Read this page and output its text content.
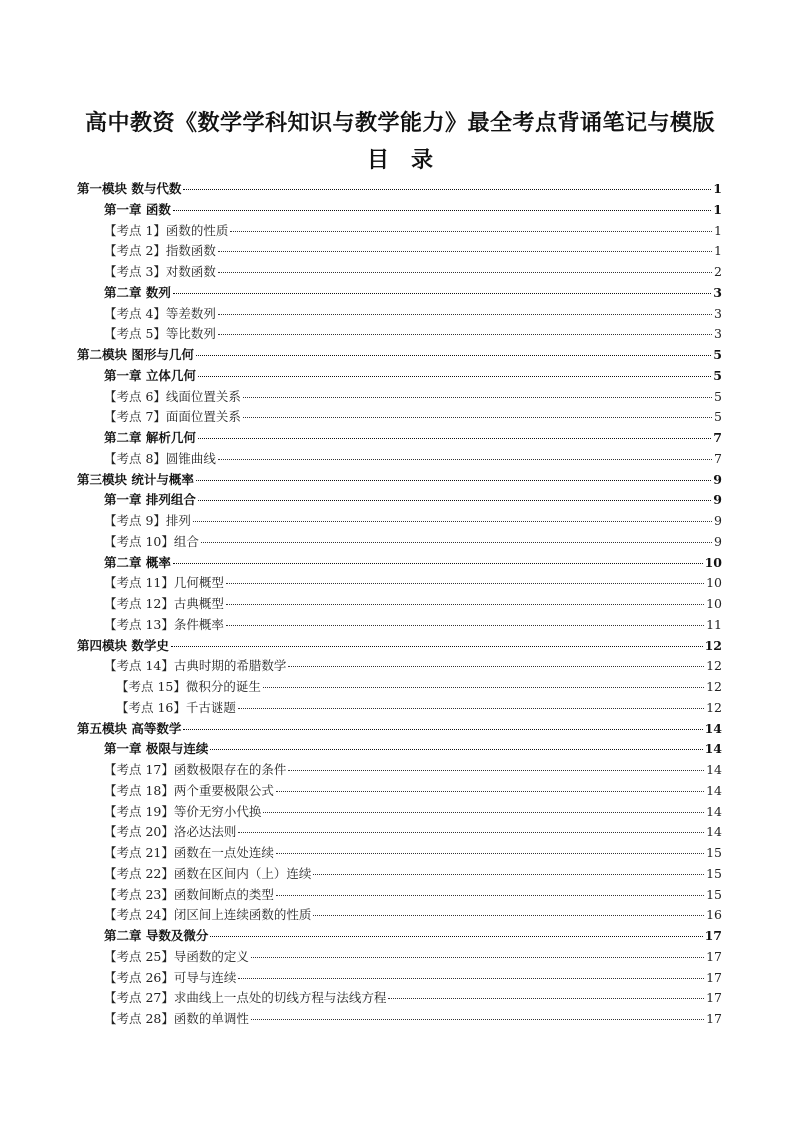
高中教资《数学学科知识与教学能力》最全考点背诵笔记与模版
目　录
第一模块 数与代数	1
第一章 函数	1
【考点 1】函数的性质	1
【考点 2】指数函数	1
【考点 3】对数函数	2
第二章 数列	3
【考点 4】等差数列	3
【考点 5】等比数列	3
第二模块 图形与几何	5
第一章 立体几何	5
【考点 6】线面位置关系	5
【考点 7】面面位置关系	5
第二章 解析几何	7
【考点 8】圆锥曲线	7
第三模块 统计与概率	9
第一章 排列组合	9
【考点 9】排列	9
【考点 10】组合	9
第二章 概率	10
【考点 11】几何概型	10
【考点 12】古典概型	10
【考点 13】条件概率	11
第四模块 数学史	12
【考点 14】古典时期的希腊数学	12
【考点 15】微积分的诞生	12
【考点 16】千古谜题	12
第五模块 高等数学	14
第一章 极限与连续	14
【考点 17】函数极限存在的条件	14
【考点 18】两个重要极限公式	14
【考点 19】等价无穷小代换	14
【考点 20】洛必达法则	14
【考点 21】函数在一点处连续	15
【考点 22】函数在区间内（上）连续	15
【考点 23】函数间断点的类型	15
【考点 24】闭区间上连续函数的性质	16
第二章 导数及微分	17
【考点 25】导函数的定义	17
【考点 26】可导与连续	17
【考点 27】求曲线上一点处的切线方程与法线方程	17
【考点 28】函数的单调性	17
